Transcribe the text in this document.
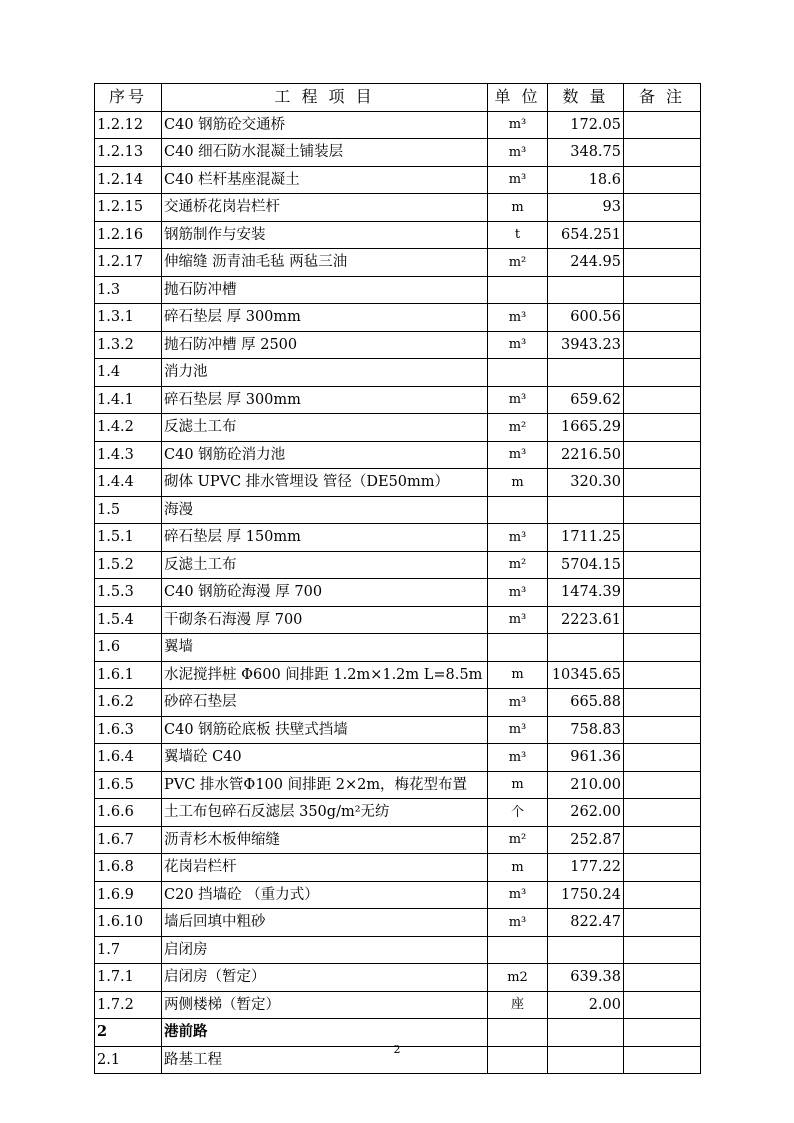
序号	工 程 项 目	单 位	数 量	备 注
1.2.12	C40 钢筋砼交通桥	m³	172.05	
1.2.13	C40 细石防水混凝土铺装层	m³	348.75	
1.2.14	C40 栏杆基座混凝土	m³	18.6	
1.2.15	交通桥花岗岩栏杆	m	93	
1.2.16	钢筋制作与安装	t	654.251	
1.2.17	伸缩缝 沥青油毛毡 两毡三油	m²	244.95	
1.3	抛石防冲槽			
1.3.1	碎石垫层 厚 300mm	m³	600.56	
1.3.2	抛石防冲槽 厚 2500	m³	3943.23	
1.4	消力池			
1.4.1	碎石垫层 厚 300mm	m³	659.62	
1.4.2	反滤土工布	m²	1665.29	
1.4.3	C40 钢筋砼消力池	m³	2216.50	
1.4.4	砌体 UPVC 排水管埋设 管径（DE50mm）	m	320.30	
1.5	海漫			
1.5.1	碎石垫层 厚 150mm	m³	1711.25	
1.5.2	反滤土工布	m²	5704.15	
1.5.3	C40 钢筋砼海漫 厚 700	m³	1474.39	
1.5.4	干砌条石海漫 厚 700	m³	2223.61	
1.6	翼墙			
1.6.1	水泥搅拌桩 Φ600 间排距 1.2m×1.2m L=8.5m	m	10345.65	
1.6.2	砂碎石垫层	m³	665.88	
1.6.3	C40 钢筋砼底板 扶壁式挡墙	m³	758.83	
1.6.4	翼墙砼 C40	m³	961.36	
1.6.5	PVC 排水管Φ100 间排距 2×2m，梅花型布置	m	210.00	
1.6.6	土工布包碎石反滤层 350g/m²无纺	个	262.00	
1.6.7	沥青杉木板伸缩缝	m²	252.87	
1.6.8	花岗岩栏杆	m	177.22	
1.6.9	C20 挡墙砼 （重力式）	m³	1750.24	
1.6.10	墙后回填中粗砂	m³	822.47	
1.7	启闭房			
1.7.1	启闭房（暂定）	m2	639.38	
1.7.2	两侧楼梯（暂定）	座	2.00	
2	港前路			
2.1	路基工程			
2
